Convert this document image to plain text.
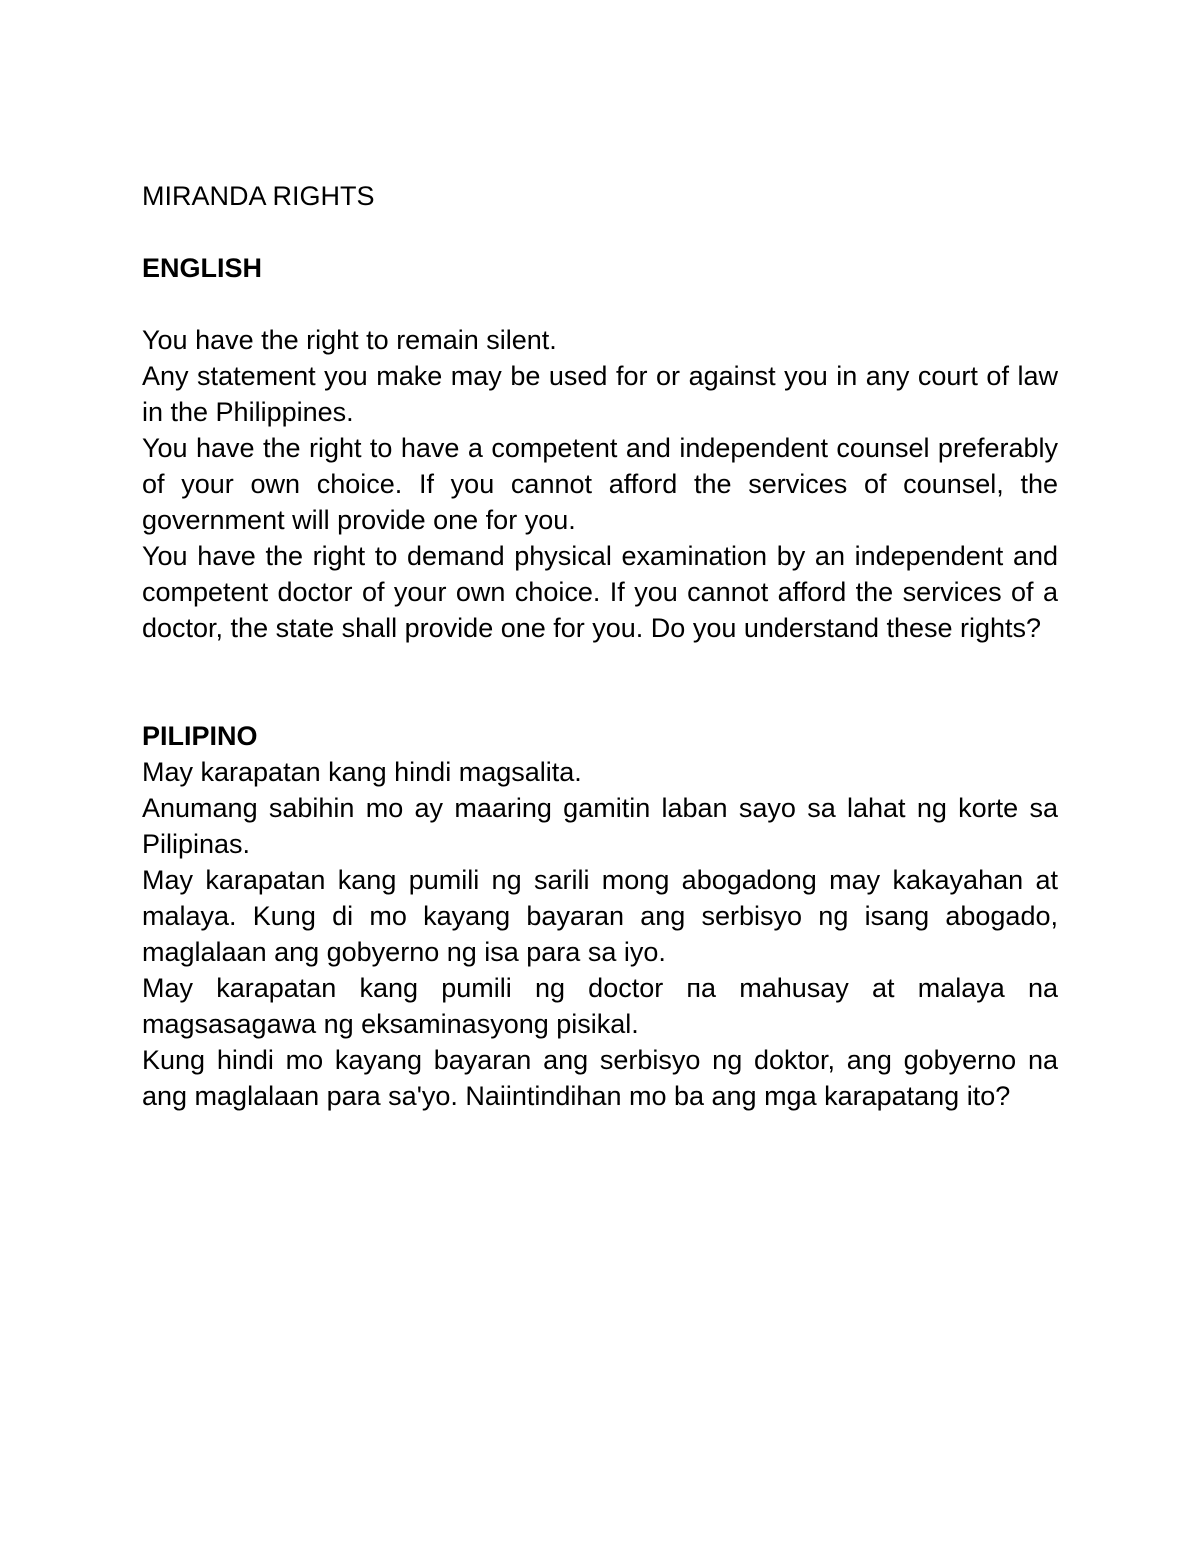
MIRANDA RIGHTS
ENGLISH

You have the right to remain silent.

Any statement you make may be used for or against you in any court of law in the Philippines.

You have the right to have a competent and independent counsel preferably of your own choice. If you cannot afford the services of counsel, the government will provide one for you.

You have the right to demand physical examination by an independent and competent doctor of your own choice. If you cannot afford the services of a doctor, the state shall provide one for you. Do you understand these rights?

PILIPINO

May karapatan kang hindi magsalita.

Anumang sabihin mo ay maaring gamitin laban sayo sa lahat ng korte sa Pilipinas.

May karapatan kang pumili ng sarili mong abogadong may kakayahan at malaya. Kung di mo kayang bayaran ang serbisyo ng isang abogado, maglalaan ang gobyerno ng isa para sa iyo.

May karapatan kang pumili ng doctor па mahusay at malaya na magsasagawa ng eksaminasyong pisikal.

Kung hindi mo kayang bayaran ang serbisyo ng doktor, ang gobyerno na ang maglalaan para sa'yo. Naiintindihan mo ba ang mga karapatang ito?
